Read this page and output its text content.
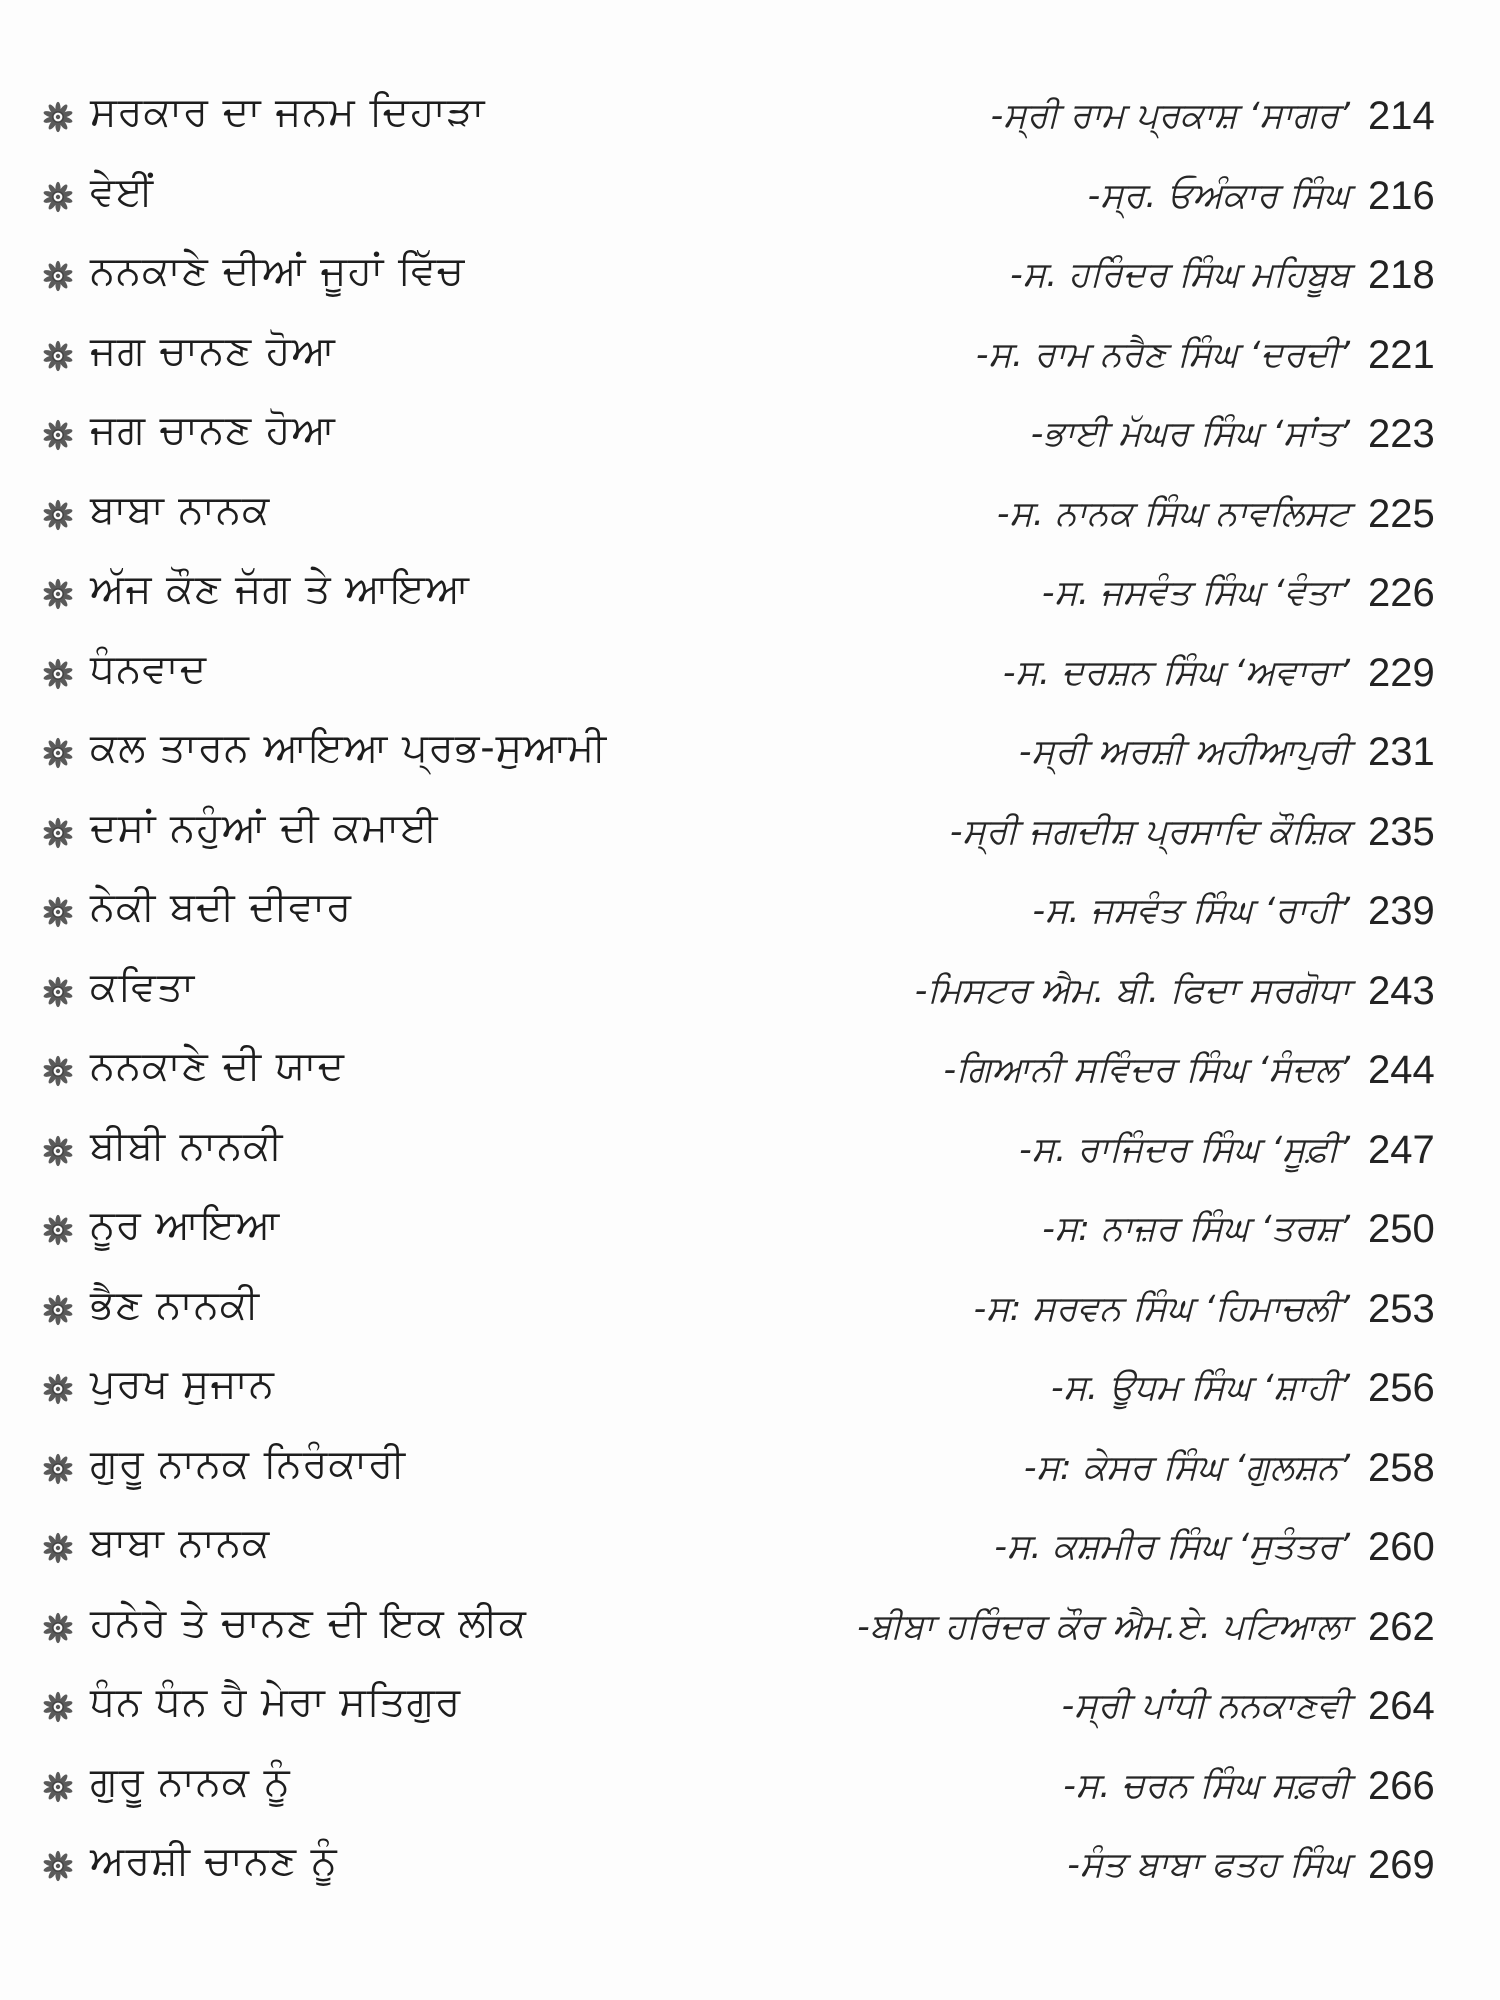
ਸਰਕਾਰ ਦਾ ਜਨਮ ਦਿਹਾੜਾ	-ਸ੍ਰੀ ਰਾਮ ਪ੍ਰਕਾਸ਼ ‘ਸਾਗਰ’ 214
ਵੇਈਂ	-ਸ੍ਰ. ਓਅੰਕਾਰ ਸਿੰਘ 216
ਨਨਕਾਣੇ ਦੀਆਂ ਜੂਹਾਂ ਵਿੱਚ	-ਸ. ਹਰਿੰਦਰ ਸਿੰਘ ਮਹਿਬੂਬ 218
ਜਗ ਚਾਨਣ ਹੋਆ	-ਸ. ਰਾਮ ਨਰੈਣ ਸਿੰਘ ‘ਦਰਦੀ’ 221
ਜਗ ਚਾਨਣ ਹੋਆ	-ਭਾਈ ਮੱਘਰ ਸਿੰਘ ‘ਸਾਂਤ’ 223
ਬਾਬਾ ਨਾਨਕ	-ਸ. ਨਾਨਕ ਸਿੰਘ ਨਾਵਲਿਸਟ 225
ਅੱਜ ਕੌਣ ਜੱਗ ਤੇ ਆਇਆ	-ਸ. ਜਸਵੰਤ ਸਿੰਘ ‘ਵੰਤਾ’ 226
ਧੰਨਵਾਦ	-ਸ. ਦਰਸ਼ਨ ਸਿੰਘ ‘ਅਵਾਰਾ’ 229
ਕਲ ਤਾਰਨ ਆਇਆ ਪ੍ਰਭ-ਸੁਆਮੀ	-ਸ੍ਰੀ ਅਰਸ਼ੀ ਅਹੀਆਪੁਰੀ 231
ਦਸਾਂ ਨਹੁੰਆਂ ਦੀ ਕਮਾਈ	-ਸ੍ਰੀ ਜਗਦੀਸ਼ ਪ੍ਰਸਾਦਿ ਕੌਸ਼ਿਕ 235
ਨੇਕੀ ਬਦੀ ਦੀਵਾਰ	-ਸ. ਜਸਵੰਤ ਸਿੰਘ ‘ਰਾਹੀ’ 239
ਕਵਿਤਾ	-ਮਿਸਟਰ ਐਮ. ਬੀ. ਫਿਦਾ ਸਰਗੋਧਾ 243
ਨਨਕਾਣੇ ਦੀ ਯਾਦ	-ਗਿਆਨੀ ਸਵਿੰਦਰ ਸਿੰਘ ‘ਸੰਦਲ’ 244
ਬੀਬੀ ਨਾਨਕੀ	-ਸ. ਰਾਜਿੰਦਰ ਸਿੰਘ ‘ਸੂਫ਼ੀ’ 247
ਨੂਰ ਆਇਆ	-ਸ: ਨਾਜ਼ਰ ਸਿੰਘ ‘ਤਰਸ਼’ 250
ਭੈਣ ਨਾਨਕੀ	-ਸ: ਸਰਵਨ ਸਿੰਘ ‘ਹਿਮਾਚਲੀ’ 253
ਪੁਰਖ ਸੁਜਾਨ	-ਸ. ਊਧਮ ਸਿੰਘ ‘ਸ਼ਾਹੀ’ 256
ਗੁਰੂ ਨਾਨਕ ਨਿਰੰਕਾਰੀ	-ਸ: ਕੇਸਰ ਸਿੰਘ ‘ਗੁਲਸ਼ਨ’ 258
ਬਾਬਾ ਨਾਨਕ	-ਸ. ਕਸ਼ਮੀਰ ਸਿੰਘ ‘ਸੁਤੰਤਰ’ 260
ਹਨੇਰੇ ਤੇ ਚਾਨਣ ਦੀ ਇਕ ਲੀਕ	-ਬੀਬਾ ਹਰਿੰਦਰ ਕੌਰ ਐਮ.ਏ. ਪਟਿਆਲਾ 262
ਧੰਨ ਧੰਨ ਹੈ ਮੇਰਾ ਸਤਿਗੁਰ	-ਸ੍ਰੀ ਪਾਂਧੀ ਨਨਕਾਣਵੀ 264
ਗੁਰੂ ਨਾਨਕ ਨੂੰ	-ਸ. ਚਰਨ ਸਿੰਘ ਸਫ਼ਰੀ 266
ਅਰਸ਼ੀ ਚਾਨਣ ਨੂੰ	-ਸੰਤ ਬਾਬਾ ਫਤਹ ਸਿੰਘ 269
